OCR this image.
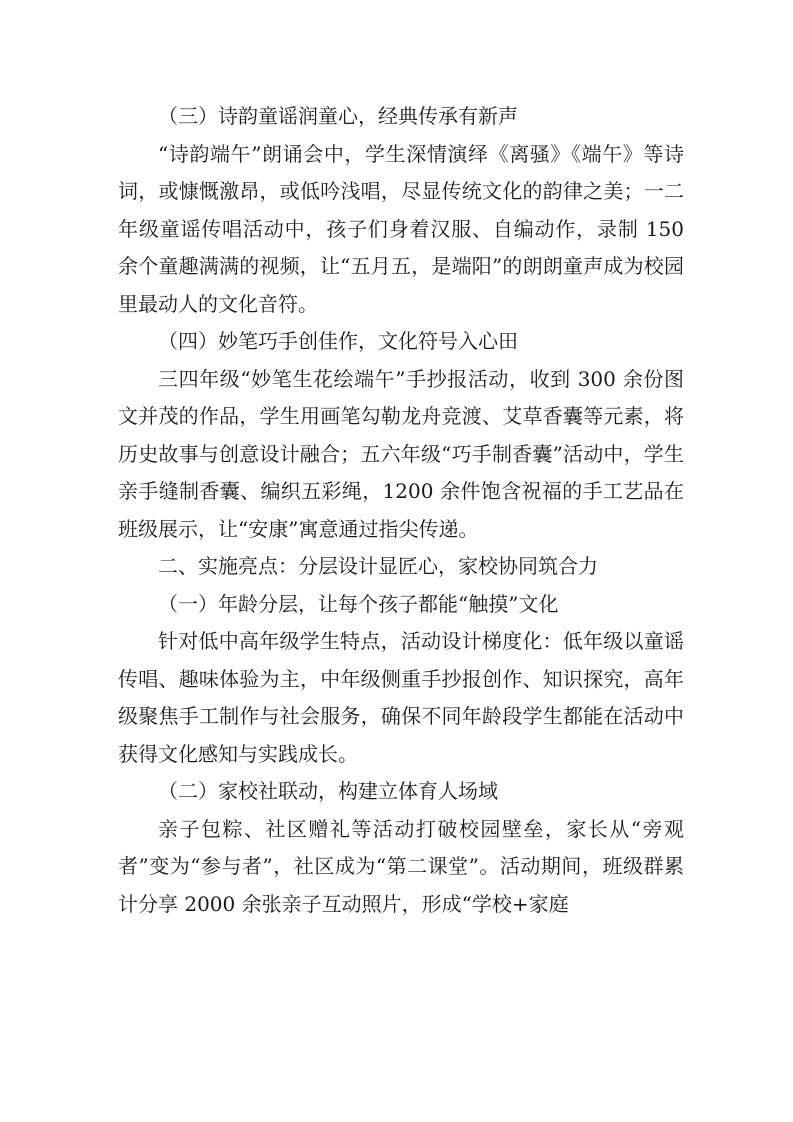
（三）诗韵童谣润童心，经典传承有新声

“诗韵端午”朗诵会中，学生深情演绎《离骚》《端午》等诗词，或慷慨激昂，或低吟浅唱，尽显传统文化的韵律之美；一二年级童谣传唱活动中，孩子们身着汉服、自编动作，录制 150 余个童趣满满的视频，让“五月五，是端阳”的朗朗童声成为校园里最动人的文化音符。

（四）妙笔巧手创佳作，文化符号入心田

三四年级“妙笔生花绘端午”手抄报活动，收到 300 余份图文并茂的作品，学生用画笔勾勒龙舟竞渡、艾草香囊等元素，将历史故事与创意设计融合；五六年级“巧手制香囊”活动中，学生亲手缝制香囊、编织五彩绳，1200 余件饱含祝福的手工艺品在班级展示，让“安康”寓意通过指尖传递。

二、实施亮点：分层设计显匠心，家校协同筑合力

（一）年龄分层，让每个孩子都能“触摸”文化

针对低中高年级学生特点，活动设计梯度化：低年级以童谣传唱、趣味体验为主，中年级侧重手抄报创作、知识探究，高年级聚焦手工制作与社会服务，确保不同年龄段学生都能在活动中获得文化感知与实践成长。

（二）家校社联动，构建立体育人场域

亲子包粽、社区赠礼等活动打破校园壁垒，家长从“旁观者”变为“参与者”，社区成为“第二课堂”。活动期间，班级群累计分享 2000 余张亲子互动照片，形成“学校+家庭
